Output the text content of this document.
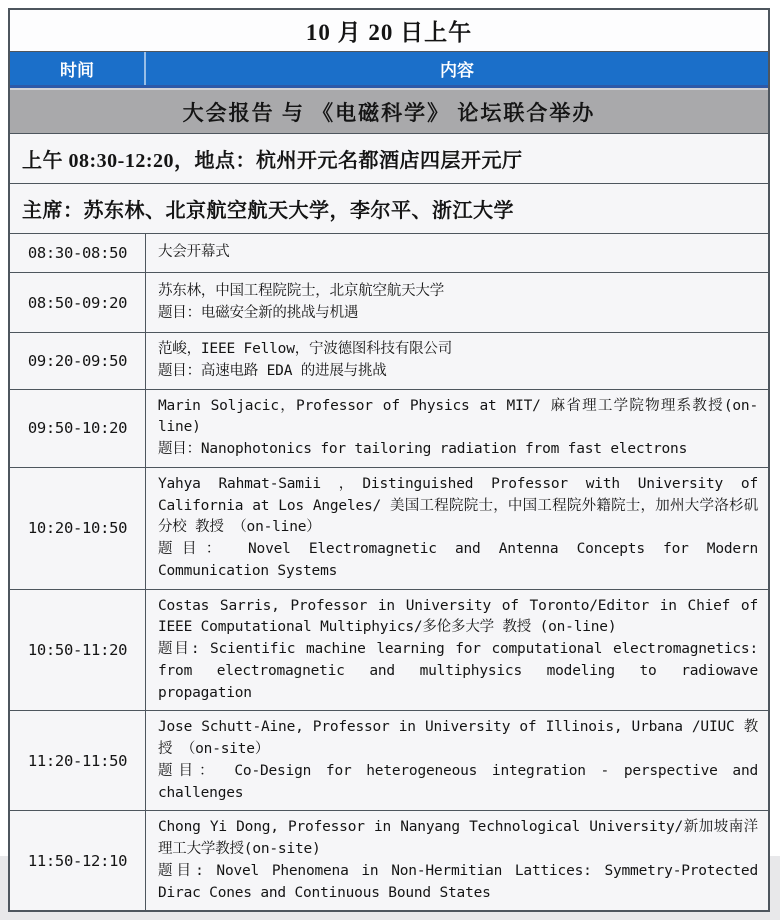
10 月 20 日上午
时间	内容
大会报告 与 《电磁科学》 论坛联合举办
上午 08:30-12:20，地点：杭州开元名都酒店四层开元厅
主席：苏东林、北京航空航天大学，李尔平、浙江大学
08:30-08:50	大会开幕式
08:50-09:20
苏东林，中国工程院院士，北京航空航天大学
题目：电磁安全新的挑战与机遇
09:20-09:50
范峻，IEEE Fellow，宁波德图科技有限公司
题目：高速电路 EDA 的进展与挑战
09:50-10:20
Marin Soljacic，Professor of Physics at MIT/ 麻省理工学院物理系教授(on-line)
题目：Nanophotonics for tailoring radiation from fast electrons
10:20-10:50
Yahya Rahmat-Samii ，Distinguished Professor with University of California at Los Angeles/ 美国工程院院士，中国工程院外籍院士，加州大学洛杉矶分校 教授 （on-line）
题目： Novel Electromagnetic and Antenna Concepts for Modern Communication Systems
10:50-11:20
Costas Sarris, Professor in University of Toronto/Editor in Chief of IEEE Computational Multiphyics/多伦多大学 教授 (on-line)
题目: Scientific machine learning for computational electromagnetics: from electromagnetic and multiphysics modeling to radiowave propagation
11:20-11:50
Jose Schutt-Aine, Professor in University of Illinois, Urbana /UIUC 教授 （on-site）
题目： Co-Design for heterogeneous integration - perspective and challenges
11:50-12:10
Chong Yi Dong, Professor in Nanyang Technological University/新加坡南洋理工大学教授(on-site)
题目: Novel Phenomena in Non-Hermitian Lattices: Symmetry-Protected Dirac Cones and Continuous Bound States
